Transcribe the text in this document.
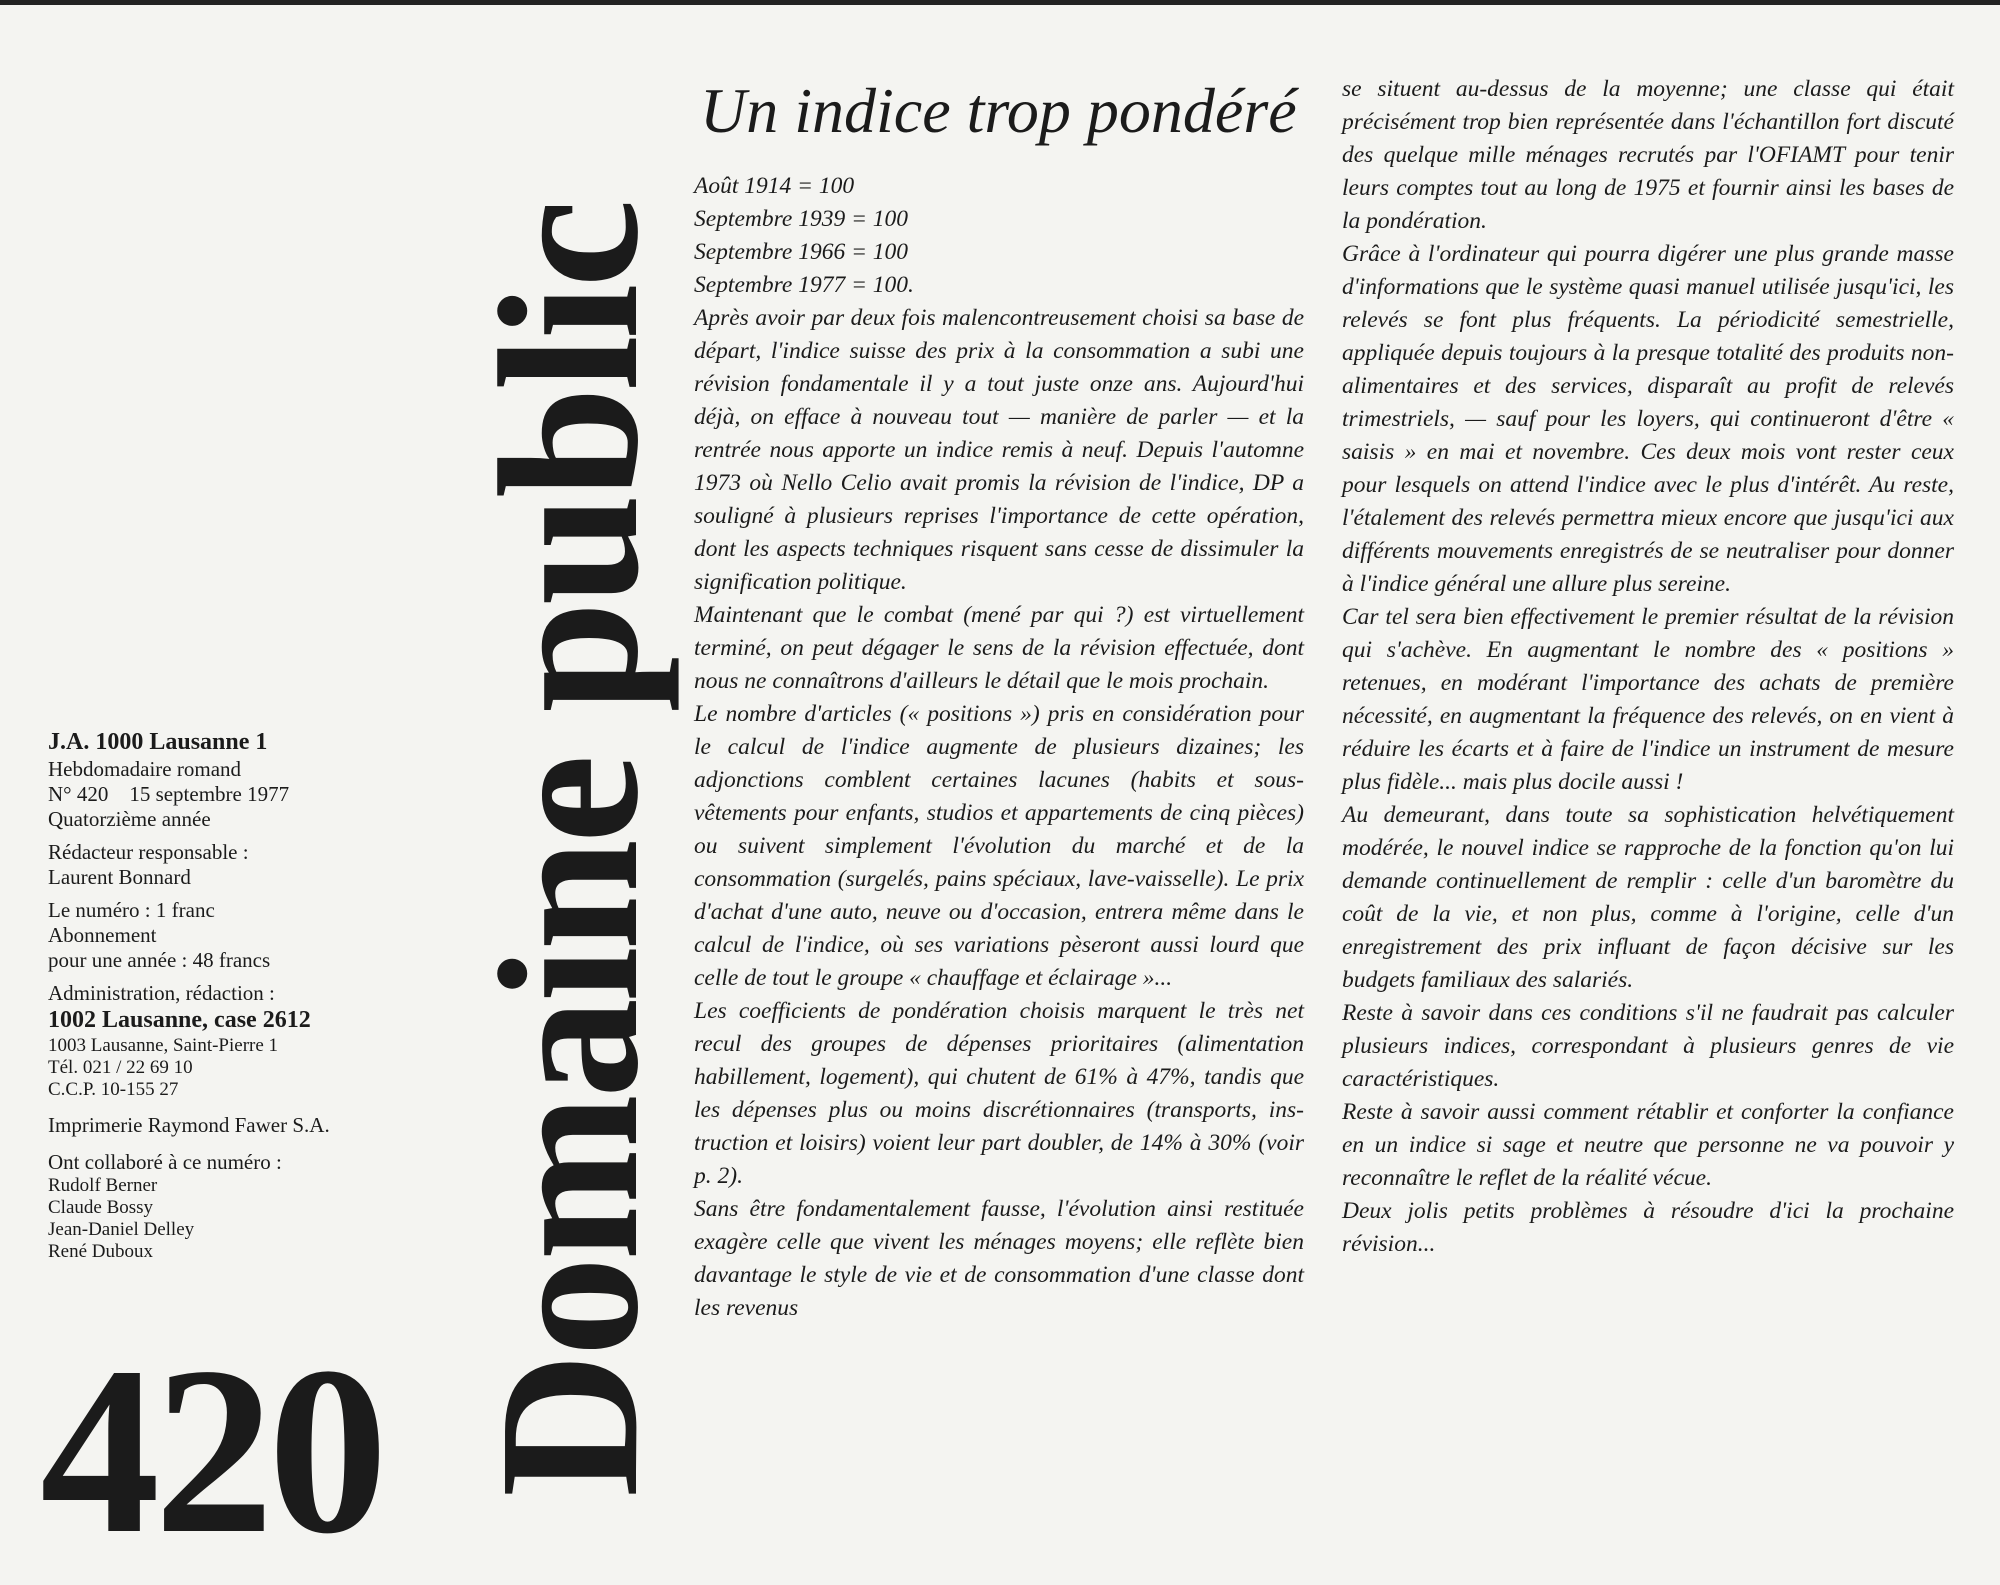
J.A. 1000 Lausanne 1
Hebdomadaire romand
N° 420    15 septembre 1977
Quatorzième année
Rédacteur responsable :
Laurent Bonnard
Le numéro : 1 franc
Abonnement
pour une année : 48 francs
Administration, rédaction :
1002 Lausanne, case 2612
1003 Lausanne, Saint-Pierre 1
Tél. 021 / 22 69 10
C.C.P. 10-155 27
Imprimerie Raymond Fawer S.A.
Ont collaboré à ce numéro :
Rudolf Berner
Claude Bossy
Jean-Daniel Delley
René Duboux
420 Domaine public
Un indice trop pondéré
Août 1914 = 100
Septembre 1939 = 100
Septembre 1966 = 100
Septembre 1977 = 100.

Après avoir par deux fois malencontreusement choisi sa base de départ, l'indice suisse des prix à la consommation a subi une révision fondamentale il y a tout juste onze ans. Aujourd'hui déjà, on efface à nouveau tout — manière de parler — et la rentrée nous apporte un indice remis à neuf. Depuis l'automne 1973 où Nello Celio avait promis la révision de l'indice, DP a souligné à plusieurs reprises l'importance de cette opération, dont les aspects techniques risquent sans cesse de dissimuler la signification politique.

Maintenant que le combat (mené par qui ?) est virtuellement terminé, on peut dégager le sens de la révision effectuée, dont nous ne connaîtrons d'ailleurs le détail que le mois prochain.

Le nombre d'articles (« positions ») pris en considération pour le calcul de l'indice augmente de plusieurs dizaines; les adjonctions comblent certaines lacunes (habits et sous-vêtements pour enfants, studios et appartements de cinq pièces) ou suivent simplement l'évolution du marché et de la consommation (surgelés, pains spéciaux, lave-vaisselle). Le prix d'achat d'une auto, neuve ou d'occasion, entrera même dans le calcul de l'indice, où ses variations pèseront aussi lourd que celle de tout le groupe « chauffage et éclairage »...

Les coefficients de pondération choisis marquent le très net recul des groupes de dépenses prioritaires (alimentation habillement, logement), qui chutent de 61% à 47%, tandis que les dépenses plus ou moins discrétionnaires (transports, instruction et loisirs) voient leur part doubler, de 14% à 30% (voir p. 2).

Sans être fondamentalement fausse, l'évolution ainsi restituée exagère celle que vivent les ménages moyens; elle reflète bien davantage le style de vie et de consommation d'une classe dont les revenus

se situent au-dessus de la moyenne; une classe qui était précisément trop bien représentée dans l'échantillon fort discuté des quelque mille ménages recrutés par l'OFIAMT pour tenir leurs comptes tout au long de 1975 et fournir ainsi les bases de la pondération.

Grâce à l'ordinateur qui pourra digérer une plus grande masse d'informations que le système quasi manuel utilisée jusqu'ici, les relevés se font plus fréquents. La périodicité semestrielle, appliquée depuis toujours à la presque totalité des produits non-alimentaires et des services, disparaît au profit de relevés trimestriels, — sauf pour les loyers, qui continueront d'être « saisis » en mai et novembre. Ces deux mois vont rester ceux pour lesquels on attend l'indice avec le plus d'intérêt. Au reste, l'étalement des relevés permettra mieux encore que jusqu'ici aux différents mouvements enregistrés de se neutraliser pour donner à l'indice général une allure plus sereine.

Car tel sera bien effectivement le premier résultat de la révision qui s'achève. En augmentant le nombre des « positions » retenues, en modérant l'importance des achats de première nécessité, en augmentant la fréquence des relevés, on en vient à réduire les écarts et à faire de l'indice un instrument de mesure plus fidèle... mais plus docile aussi !

Au demeurant, dans toute sa sophistication helvétiquement modérée, le nouvel indice se rapproche de la fonction qu'on lui demande continuellement de remplir : celle d'un baromètre du coût de la vie, et non plus, comme à l'origine, celle d'un enregistrement des prix influant de façon décisive sur les budgets familiaux des salariés.

Reste à savoir dans ces conditions s'il ne faudrait pas calculer plusieurs indices, correspondant à plusieurs genres de vie caractéristiques.

Reste à savoir aussi comment rétablir et conforter la confiance en un indice si sage et neutre que personne ne va pouvoir y reconnaître le reflet de la réalité vécue.

Deux jolis petits problèmes à résoudre d'ici la prochaine révision...
